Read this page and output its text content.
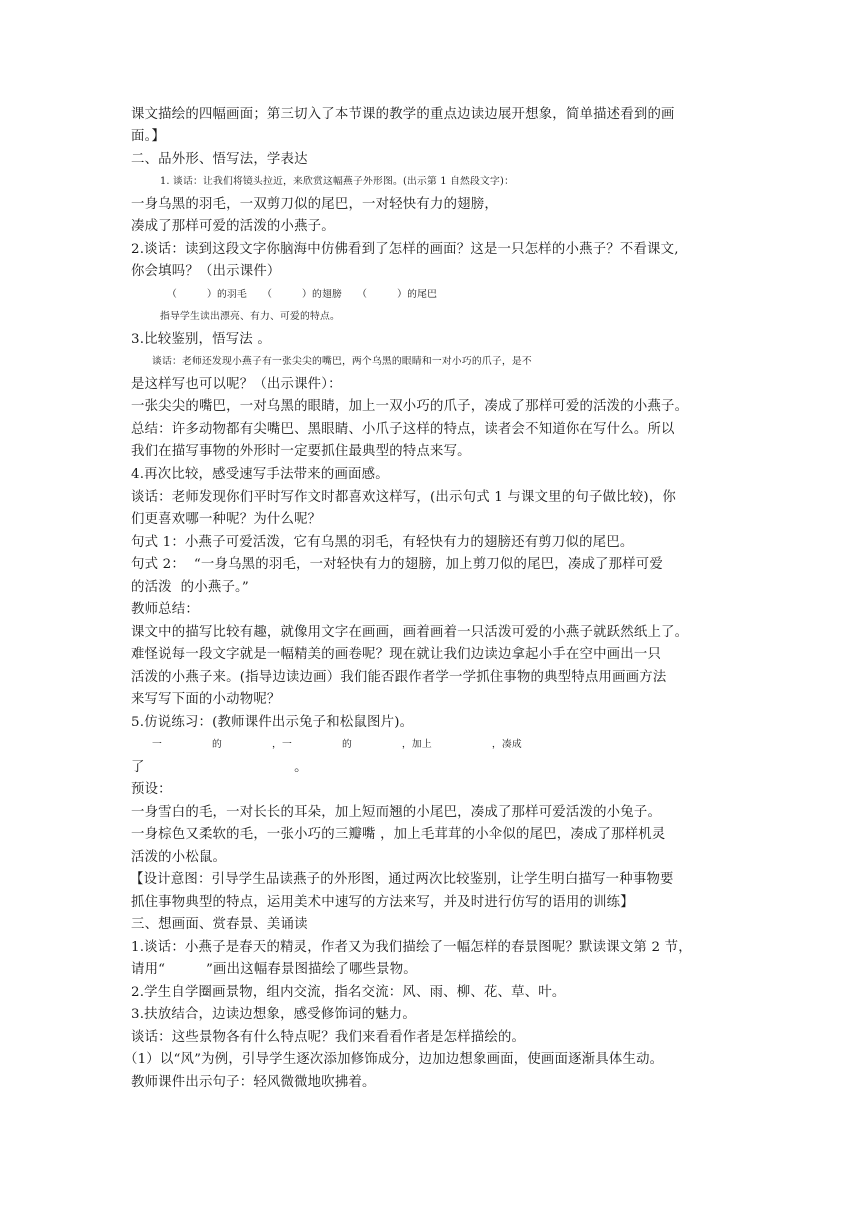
课文描绘的四幅画面；第三切入了本节课的教学的重点边读边展开想象，简单描述看到的画
面。】
二、品外形、悟写法，学表达
1. 谈话：让我们将镜头拉近，来欣赏这幅燕子外形图。(出示第 1 自然段文字)：
一身乌黑的羽毛，一双剪刀似的尾巴，一对轻快有力的翅膀，
凑成了那样可爱的活泼的小燕子。
2.谈话：读到这段文字你脑海中仿佛看到了怎样的画面？这是一只怎样的小燕子？不看课文,
你会填吗？（出示课件）
（　　　）的羽毛　　（　　　）的翅膀　　（　　　）的尾巴
指导学生读出漂亮、有力、可爱的特点。
3.比较鉴别，悟写法 。
谈话：老师还发现小燕子有一张尖尖的嘴巴，两个乌黑的眼睛和一对小巧的爪子，是不
是这样写也可以呢？（出示课件）：
一张尖尖的嘴巴，一对乌黑的眼睛，加上一双小巧的爪子，凑成了那样可爱的活泼的小燕子。
总结：许多动物都有尖嘴巴、黑眼睛、小爪子这样的特点，读者会不知道你在写什么。所以
我们在描写事物的外形时一定要抓住最典型的特点来写。
4.再次比较，感受速写手法带来的画面感。
谈话：老师发现你们平时写作文时都喜欢这样写，(出示句式 1 与课文里的句子做比较)，你
们更喜欢哪一种呢？为什么呢？
句式 1：小燕子可爱活泼，它有乌黑的羽毛，有轻快有力的翅膀还有剪刀似的尾巴。
句式 2：  “一身乌黑的羽毛，一对轻快有力的翅膀，加上剪刀似的尾巴，凑成了那样可爱
的活泼  的小燕子。”
教师总结：
课文中的描写比较有趣，就像用文字在画画，画着画着一只活泼可爱的小燕子就跃然纸上了。
难怪说每一段文字就是一幅精美的画卷呢？现在就让我们边读边拿起小手在空中画出一只
活泼的小燕子来。(指导边读边画）我们能否跟作者学一学抓住事物的典型特点用画画方法
来写写下面的小动物呢？
5.仿说练习：(教师课件出示兔子和松鼠图片)。
一　　　　　的　　　　　，一　　　　　的　　　　　，加上　　　　　　，凑成
了　　　　　　　　　　　。
预设：
一身雪白的毛，一对长长的耳朵，加上短而翘的小尾巴，凑成了那样可爱活泼的小兔子。
一身棕色又柔软的毛，一张小巧的三瓣嘴 ，加上毛茸茸的小伞似的尾巴，凑成了那样机灵
活泼的小松鼠。
【设计意图：引导学生品读燕子的外形图，通过两次比较鉴别，让学生明白描写一种事物要
抓住事物典型的特点，运用美术中速写的方法来写，并及时进行仿写的语用的训练】
三、想画面、赏春景、美诵读
1.谈话：小燕子是春天的精灵，作者又为我们描绘了一幅怎样的春景图呢？默读课文第 2 节，
请用“　　　”画出这幅春景图描绘了哪些景物。
2.学生自学圈画景物，组内交流，指名交流：风、雨、柳、花、草、叶。
3.扶放结合，边读边想象，感受修饰词的魅力。
谈话：这些景物各有什么特点呢？我们来看看作者是怎样描绘的。
（1）以“风”为例，引导学生逐次添加修饰成分，边加边想象画面，使画面逐渐具体生动。
教师课件出示句子：轻风微微地吹拂着。
